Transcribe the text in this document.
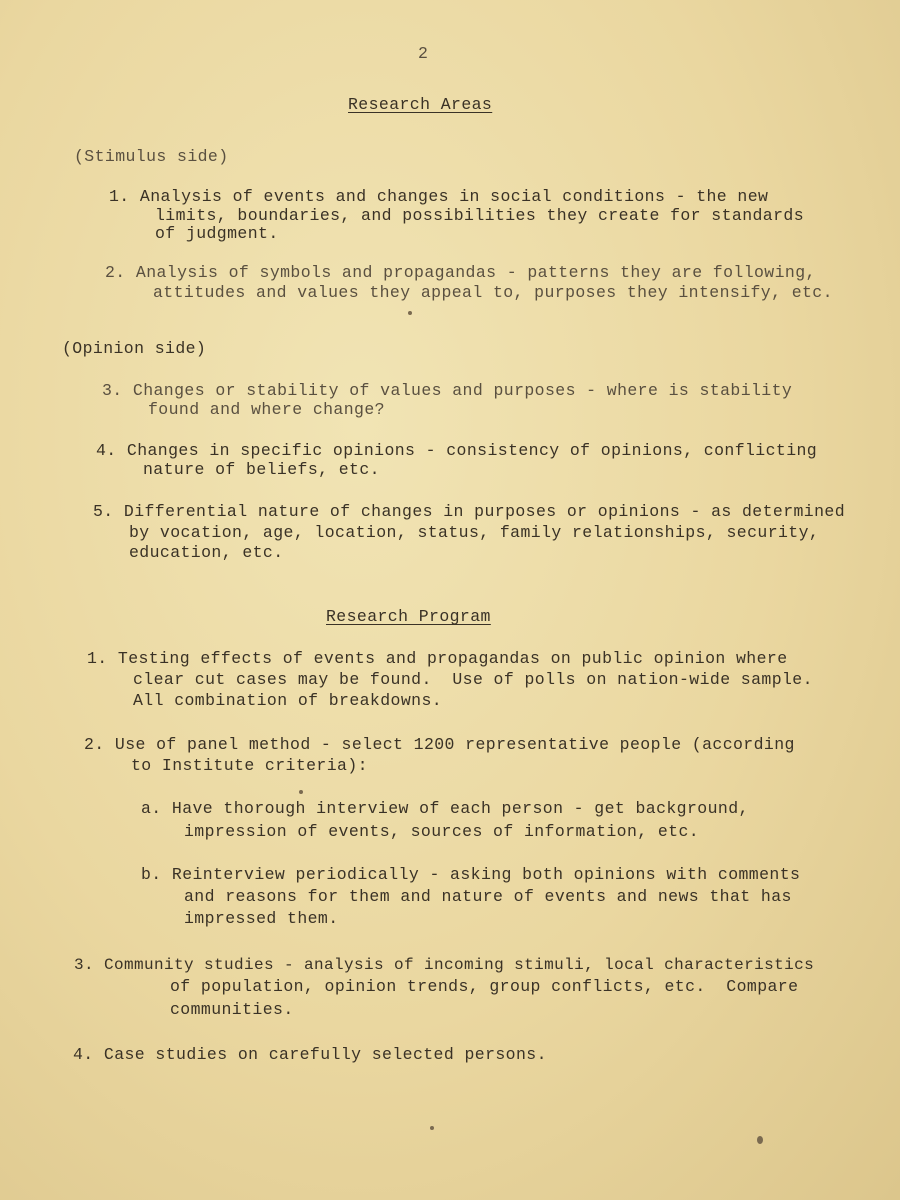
2
Research Areas
(Stimulus side)
1. Analysis of events and changes in social conditions - the new
limits, boundaries, and possibilities they create for standards
of judgment.
2. Analysis of symbols and propagandas - patterns they are following,
attitudes and values they appeal to, purposes they intensify, etc.
(Opinion side)
3. Changes or stability of values and purposes - where is stability
found and where change?
4. Changes in specific opinions - consistency of opinions, conflicting
nature of beliefs, etc.
5. Differential nature of changes in purposes or opinions - as determined
by vocation, age, location, status, family relationships, security,
education, etc.
Research Program
1. Testing effects of events and propagandas on public opinion where
clear cut cases may be found.  Use of polls on nation-wide sample.
All combination of breakdowns.
2. Use of panel method - select 1200 representative people (according
to Institute criteria):
a. Have thorough interview of each person - get background,
impression of events, sources of information, etc.
b. Reinterview periodically - asking both opinions with comments
and reasons for them and nature of events and news that has
impressed them.
3. Community studies - analysis of incoming stimuli, local characteristics
of population, opinion trends, group conflicts, etc.  Compare
communities.
4. Case studies on carefully selected persons.
